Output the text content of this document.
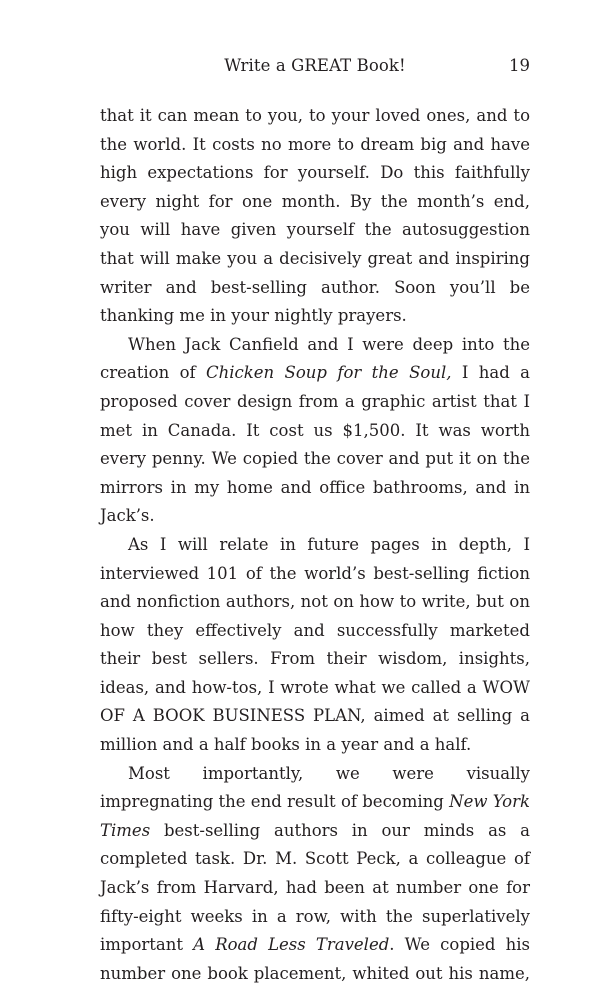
Write a GREAT Book!	19

that it can mean to you, to your loved ones, and to the world. It costs no more to dream big and have high expectations for yourself. Do this faithfully every night for one month. By the month’s end, you will have given yourself the autosuggestion that will make you a decisively great and inspiring writer and best-selling author. Soon you’ll be thanking me in your nightly prayers.

When Jack Canfield and I were deep into the creation of Chicken Soup for the Soul, I had a proposed cover design from a graphic artist that I met in Canada. It cost us $1,500. It was worth every penny. We copied the cover and put it on the mirrors in my home and office bathrooms, and in Jack’s.

As I will relate in future pages in depth, I interviewed 101 of the world’s best-selling fiction and nonfiction authors, not on how to write, but on how they effectively and successfully marketed their best sellers. From their wisdom, insights, ideas, and how-tos, I wrote what we called a WOW OF A BOOK BUSINESS PLAN, aimed at selling a million and a half books in a year and a half.

Most importantly, we were visually impregnating the end result of becoming New York Times best-selling authors in our minds as a completed task. Dr. M. Scott Peck, a colleague of Jack’s from Harvard, had been at number one for fifty-eight weeks in a row, with the superlatively important A Road Less Traveled. We copied his number one book placement, whited out his name,
